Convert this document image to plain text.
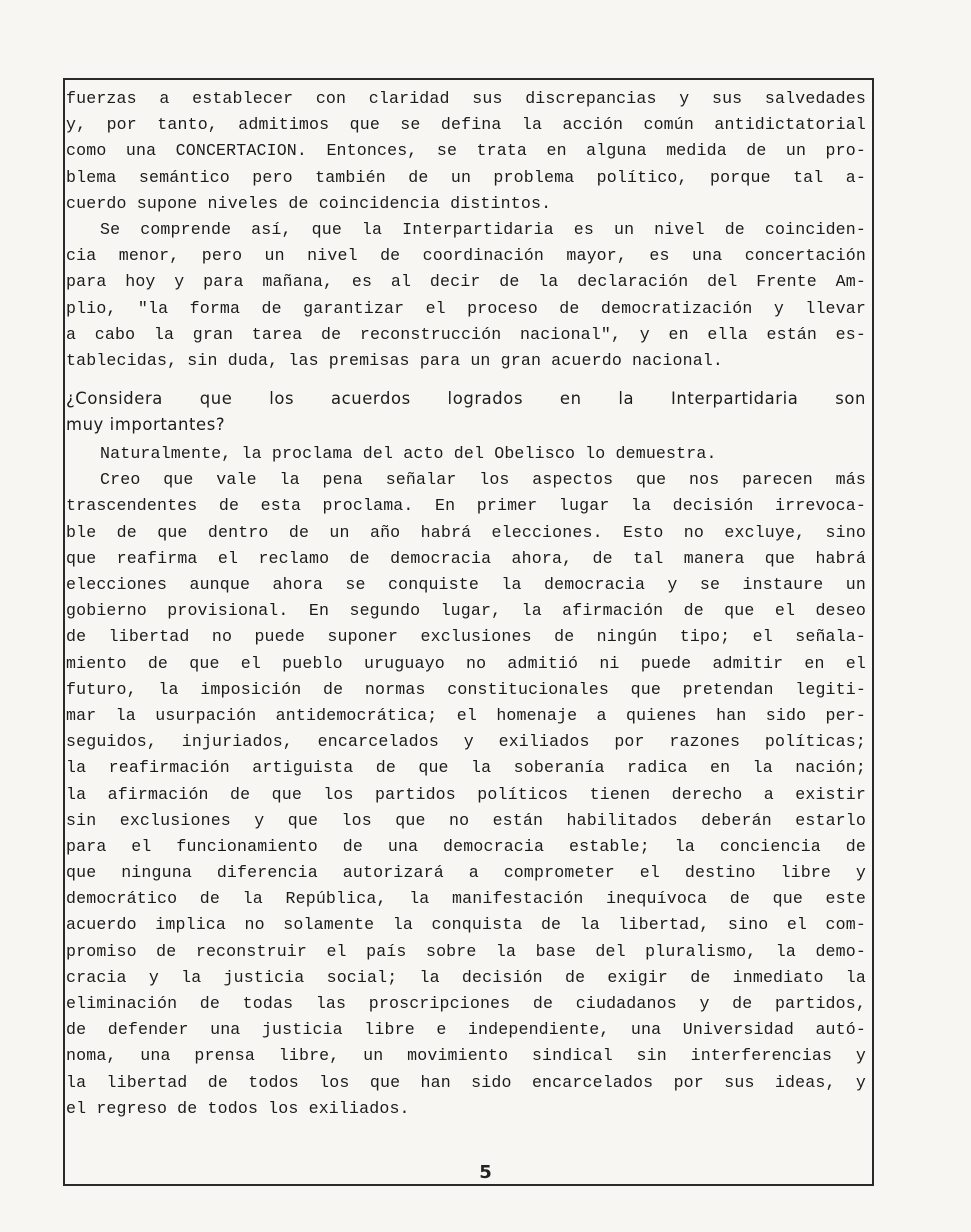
fuerzas a establecer con claridad sus discrepancias y sus salvedades
y, por tanto, admitimos que se defina la acción común antidictatorial
como una CONCERTACION. Entonces, se trata en alguna medida de un pro-
blema semántico pero también de un problema político, porque tal a-
cuerdo supone niveles de coincidencia distintos.
Se comprende así, que la Interpartidaria es un nivel de coinciden-
cia menor, pero un nivel de coordinación mayor, es una concertación
para hoy y para mañana, es al decir de la declaración del Frente Am-
plio, "la forma de garantizar el proceso de democratización y llevar
a cabo la gran tarea de reconstrucción nacional", y en ella están es-
tablecidas, sin duda, las premisas para un gran acuerdo nacional.
¿Considera que los acuerdos logrados en la Interpartidaria son
muy importantes?
Naturalmente, la proclama del acto del Obelisco lo demuestra.
Creo que vale la pena señalar los aspectos que nos parecen más
trascendentes de esta proclama. En primer lugar la decisión irrevoca-
ble de que dentro de un año habrá elecciones. Esto no excluye, sino
que reafirma el reclamo de democracia ahora, de tal manera que habrá
elecciones aunque ahora se conquiste la democracia y se instaure un
gobierno provisional. En segundo lugar, la afirmación de que el deseo
de libertad no puede suponer exclusiones de ningún tipo; el señala-
miento de que el pueblo uruguayo no admitió ni puede admitir en el
futuro, la imposición de normas constitucionales que pretendan legiti-
mar la usurpación antidemocrática; el homenaje a quienes han sido per-
seguidos, injuriados, encarcelados y exiliados por razones políticas;
la reafirmación artiguista de que la soberanía radica en la nación;
la afirmación de que los partidos políticos tienen derecho a existir
sin exclusiones y que los que no están habilitados deberán estarlo
para el funcionamiento de una democracia estable; la conciencia de
que ninguna diferencia autorizará a comprometer el destino libre y
democrático de la República, la manifestación inequívoca de que este
acuerdo implica no solamente la conquista de la libertad, sino el com-
promiso de reconstruir el país sobre la base del pluralismo, la demo-
cracia y la justicia social; la decisión de exigir de inmediato la
eliminación de todas las proscripciones de ciudadanos y de partidos,
de defender una justicia libre e independiente, una Universidad autó-
noma, una prensa libre, un movimiento sindical sin interferencias y
la libertad de todos los que han sido encarcelados por sus ideas, y
el regreso de todos los exiliados.
5
